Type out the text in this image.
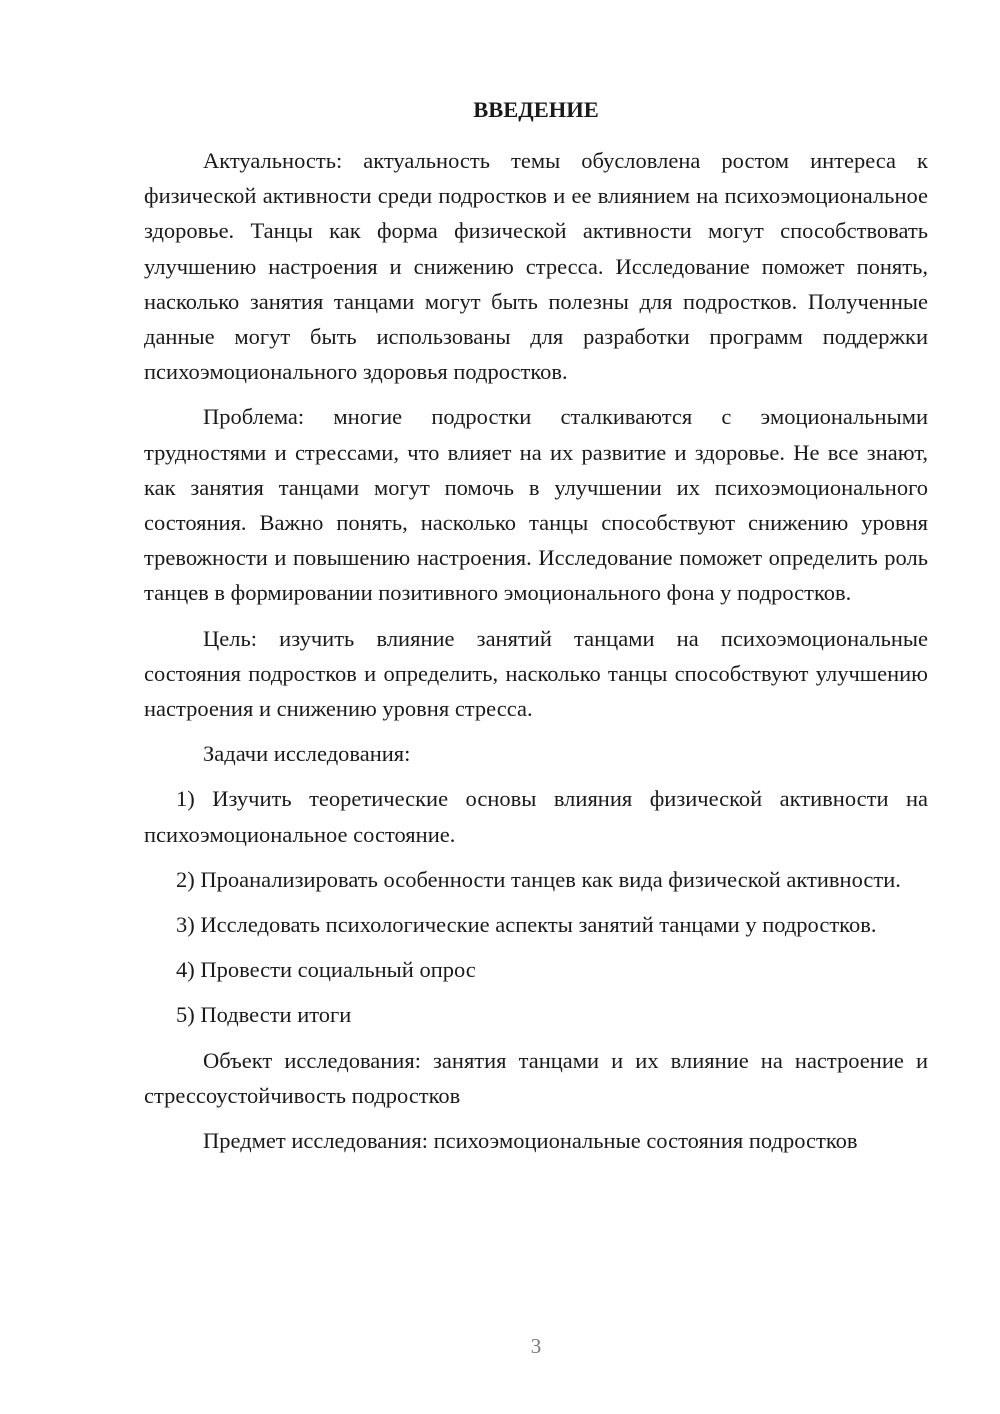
ВВЕДЕНИЕ

Актуальность: актуальность темы обусловлена ростом интереса к физической активности среди подростков и ее влиянием на психоэмоциональное здоровье. Танцы как форма физической активности могут способствовать улучшению настроения и снижению стресса. Исследование поможет понять, насколько занятия танцами могут быть полезны для подростков. Полученные данные могут быть использованы для разработки программ поддержки психоэмоционального здоровья подростков.

Проблема: многие подростки сталкиваются с эмоциональными трудностями и стрессами, что влияет на их развитие и здоровье. Не все знают, как занятия танцами могут помочь в улучшении их психоэмоционального состояния. Важно понять, насколько танцы способствуют снижению уровня тревожности и повышению настроения. Исследование поможет определить роль танцев в формировании позитивного эмоционального фона у подростков.

Цель: изучить влияние занятий танцами на психоэмоциональные состояния подростков и определить, насколько танцы способствуют улучшению настроения и снижению уровня стресса.

Задачи исследования:

1) Изучить теоретические основы влияния физической активности на психоэмоциональное состояние.

2) Проанализировать особенности танцев как вида физической активности.

3) Исследовать психологические аспекты занятий танцами у подростков.

4) Провести социальный опрос

5) Подвести итоги

Объект исследования: занятия танцами и их влияние на настроение и стрессоустойчивость подростков

Предмет исследования: психоэмоциональные состояния подростков

3
